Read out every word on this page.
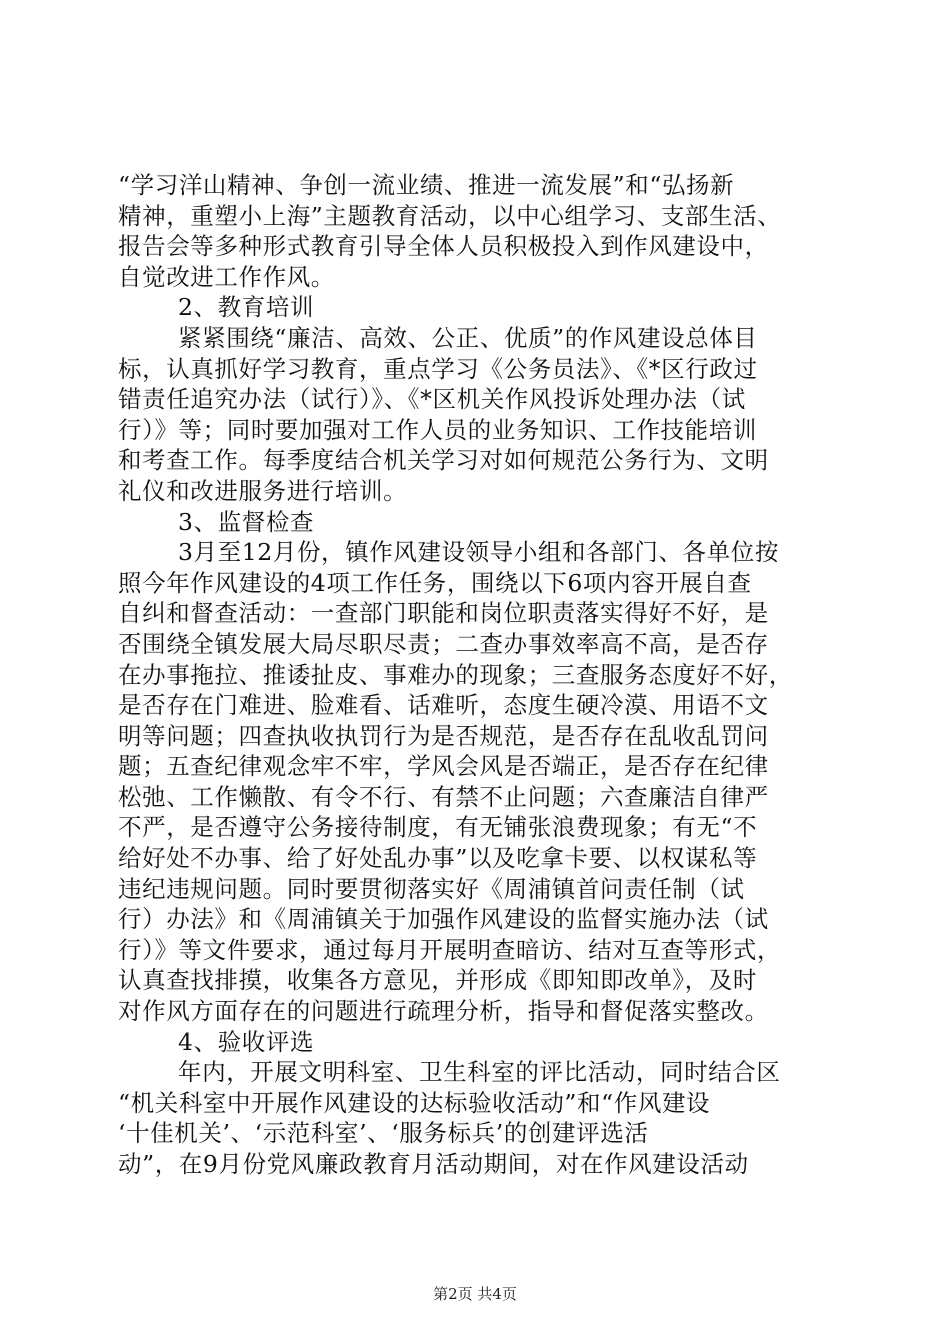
“学习洋山精神、争创一流业绩、推进一流发展”和“弘扬新

精神，重塑小上海”主题教育活动，以中心组学习、支部生活、

报告会等多种形式教育引导全体人员积极投入到作风建设中，

自觉改进工作作风。

2、教育培训

紧紧围绕“廉洁、高效、公正、优质”的作风建设总体目

标，认真抓好学习教育，重点学习《公务员法》、《*区行政过

错责任追究办法（试行）》、《*区机关作风投诉处理办法（试

行）》等；同时要加强对工作人员的业务知识、工作技能培训

和考查工作。每季度结合机关学习对如何规范公务行为、文明

礼仪和改进服务进行培训。

3、监督检查

3月至12月份，镇作风建设领导小组和各部门、各单位按

照今年作风建设的4项工作任务，围绕以下6项内容开展自查

自纠和督查活动：一查部门职能和岗位职责落实得好不好，是

否围绕全镇发展大局尽职尽责；二查办事效率高不高，是否存

在办事拖拉、推诿扯皮、事难办的现象；三查服务态度好不好，

是否存在门难进、脸难看、话难听，态度生硬冷漠、用语不文

明等问题；四查执收执罚行为是否规范，是否存在乱收乱罚问

题；五查纪律观念牢不牢，学风会风是否端正，是否存在纪律

松弛、工作懒散、有令不行、有禁不止问题；六查廉洁自律严

不严，是否遵守公务接待制度，有无铺张浪费现象；有无“不

给好处不办事、给了好处乱办事”以及吃拿卡要、以权谋私等

违纪违规问题。同时要贯彻落实好《周浦镇首问责任制（试

行）办法》和《周浦镇关于加强作风建设的监督实施办法（试

行）》等文件要求，通过每月开展明查暗访、结对互查等形式，

认真查找排摸，收集各方意见，并形成《即知即改单》，及时

对作风方面存在的问题进行疏理分析，指导和督促落实整改。

4、验收评选

年内，开展文明科室、卫生科室的评比活动，同时结合区

“机关科室中开展作风建设的达标验收活动”和“作风建设

‘十佳机关’、‘示范科室’、‘服务标兵’的创建评选活

动”，在9月份党风廉政教育月活动期间，对在作风建设活动

第2页 共4页
